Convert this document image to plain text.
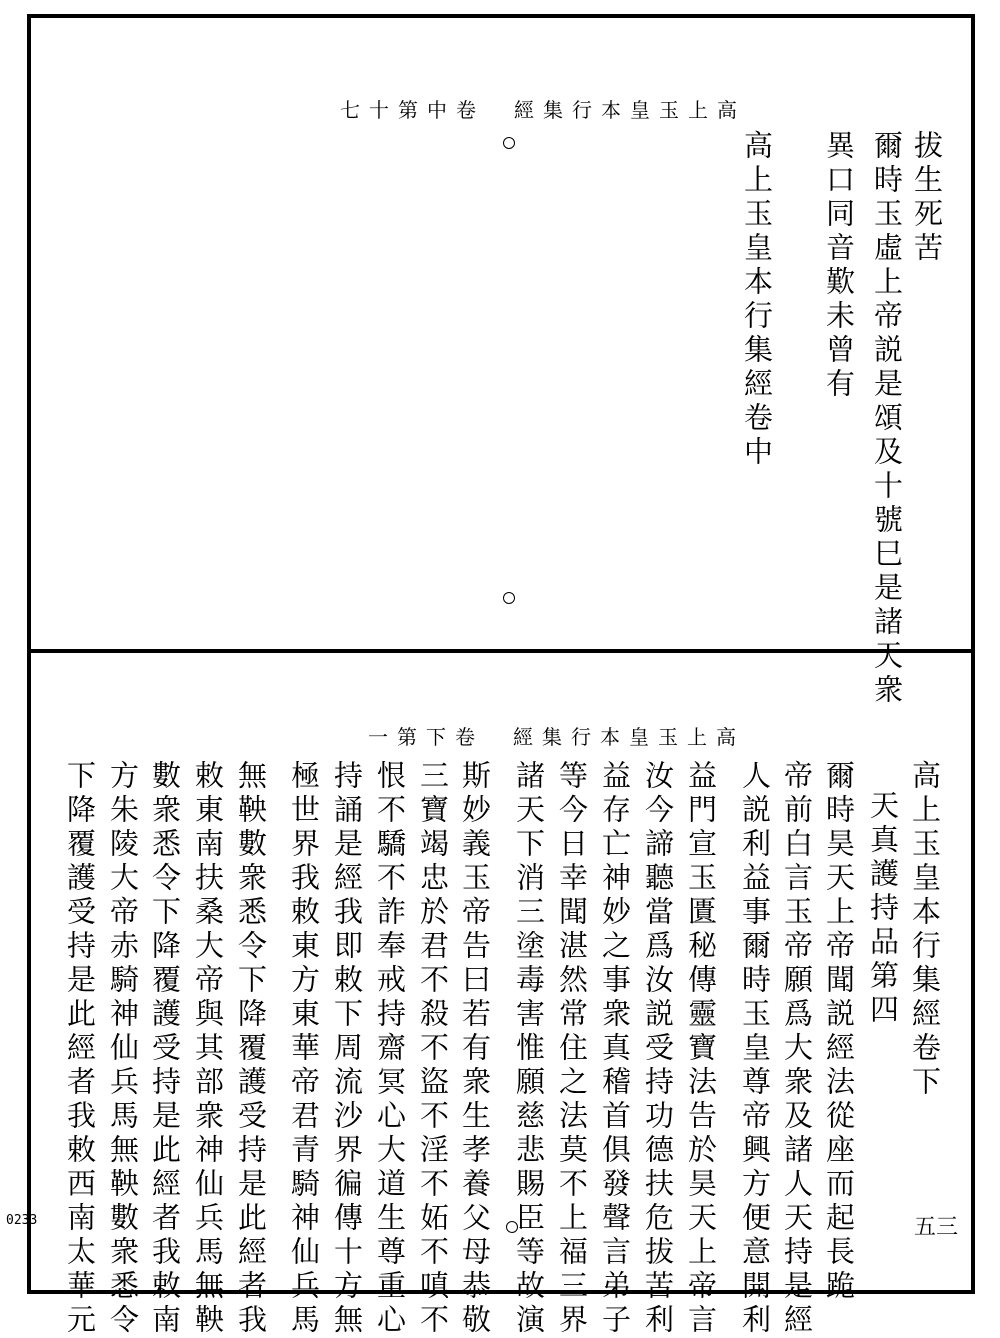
高上玉皇本行集經　卷中第十七
拔生死苦
爾時玉虛上帝説是頌及十號巳是諸天衆
異口同音歎未曾有
高上玉皇本行集經卷中
高上玉皇本行集經　卷下第一
五三
高上玉皇本行集經卷下
天真護持品第四
爾時昊天上帝聞説經法從座而起長跪
帝前白言玉帝願爲大衆及諸人天持是經
人説利益事爾時玉皇尊帝興方便意開利
益門宣玉匱秘傳靈寶法告於昊天上帝言
汝今諦聽當爲汝説受持功德扶危拔苦利
益存亡神妙之事衆真稽首俱發聲言弟子
等今日幸聞湛然常住之法莫不上福三界
諸天下消三塗毒害惟願慈悲賜臣等故演
斯妙義玉帝告曰若有衆生孝養父母恭敬
三寶竭忠於君不殺不盜不淫不妬不嗔不
恨不驕不詐奉戒持齋冥心大道生尊重心
持誦是經我即敕下周流沙界徧傳十方無
極世界我敕東方東華帝君青騎神仙兵馬
無鞅數衆悉令下降覆護受持是此經者我
敕東南扶桑大帝與其部衆神仙兵馬無鞅
數衆悉令下降覆護受持是此經者我敕南
方朱陵大帝赤騎神仙兵馬無鞅數衆悉令
下降覆護受持是此經者我敕西南太華元
0233
